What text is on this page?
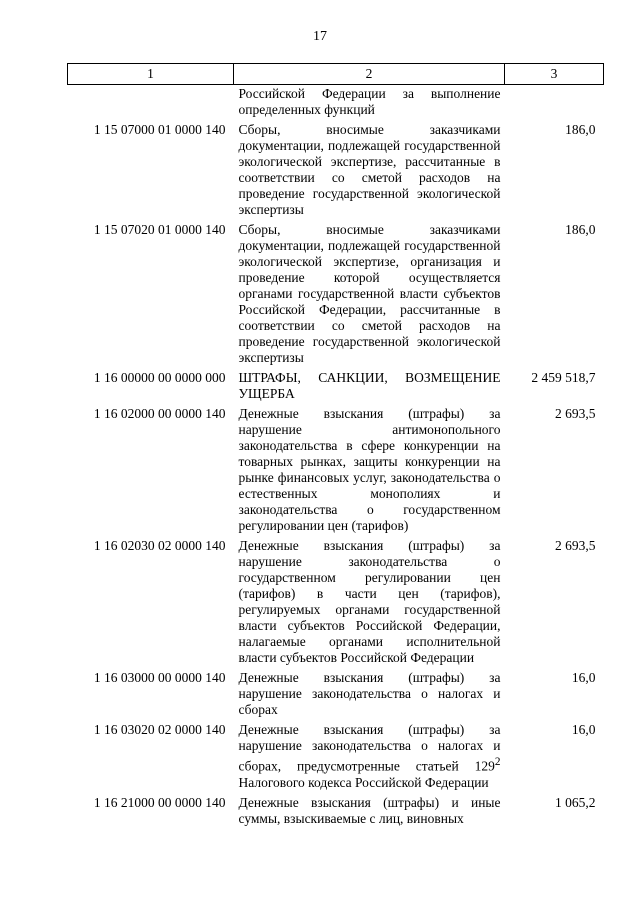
17
1	2	3
	Российской Федерации за выполнение определенных функций	
1 15 07000 01 0000 140	Сборы, вносимые заказчиками документации, подлежащей государственной экологической экспертизе, рассчитанные в соответствии со сметой расходов на проведение государственной экологической экспертизы	186,0
1 15 07020 01 0000 140	Сборы, вносимые заказчиками документации, подлежащей государственной экологической экспертизе, организация и проведение которой осуществляется органами государственной власти субъектов Российской Федерации, рассчитанные в соответствии со сметой расходов на проведение государственной экологической экспертизы	186,0
1 16 00000 00 0000 000	ШТРАФЫ, САНКЦИИ, ВОЗМЕЩЕНИЕ УЩЕРБА	2 459 518,7
1 16 02000 00 0000 140	Денежные взыскания (штрафы) за нарушение антимонопольного законодательства в сфере конкуренции на товарных рынках, защиты конкуренции на рынке финансовых услуг, законодательства о естественных монополиях и законодательства о государственном регулировании цен (тарифов)	2 693,5
1 16 02030 02 0000 140	Денежные взыскания (штрафы) за нарушение законодательства о государственном регулировании цен (тарифов) в части цен (тарифов), регулируемых органами государственной власти субъектов Российской Федерации, налагаемые органами исполнительной власти субъектов Российской Федерации	2 693,5
1 16 03000 00 0000 140	Денежные взыскания (штрафы) за нарушение законодательства о налогах и сборах	16,0
1 16 03020 02 0000 140	Денежные взыскания (штрафы) за нарушение законодательства о налогах и сборах, предусмотренные статьей $129^2$ Налогового кодекса Российской Федерации	16,0
1 16 21000 00 0000 140	Денежные взыскания (штрафы) и иные суммы, взыскиваемые с лиц, виновных	1 065,2
